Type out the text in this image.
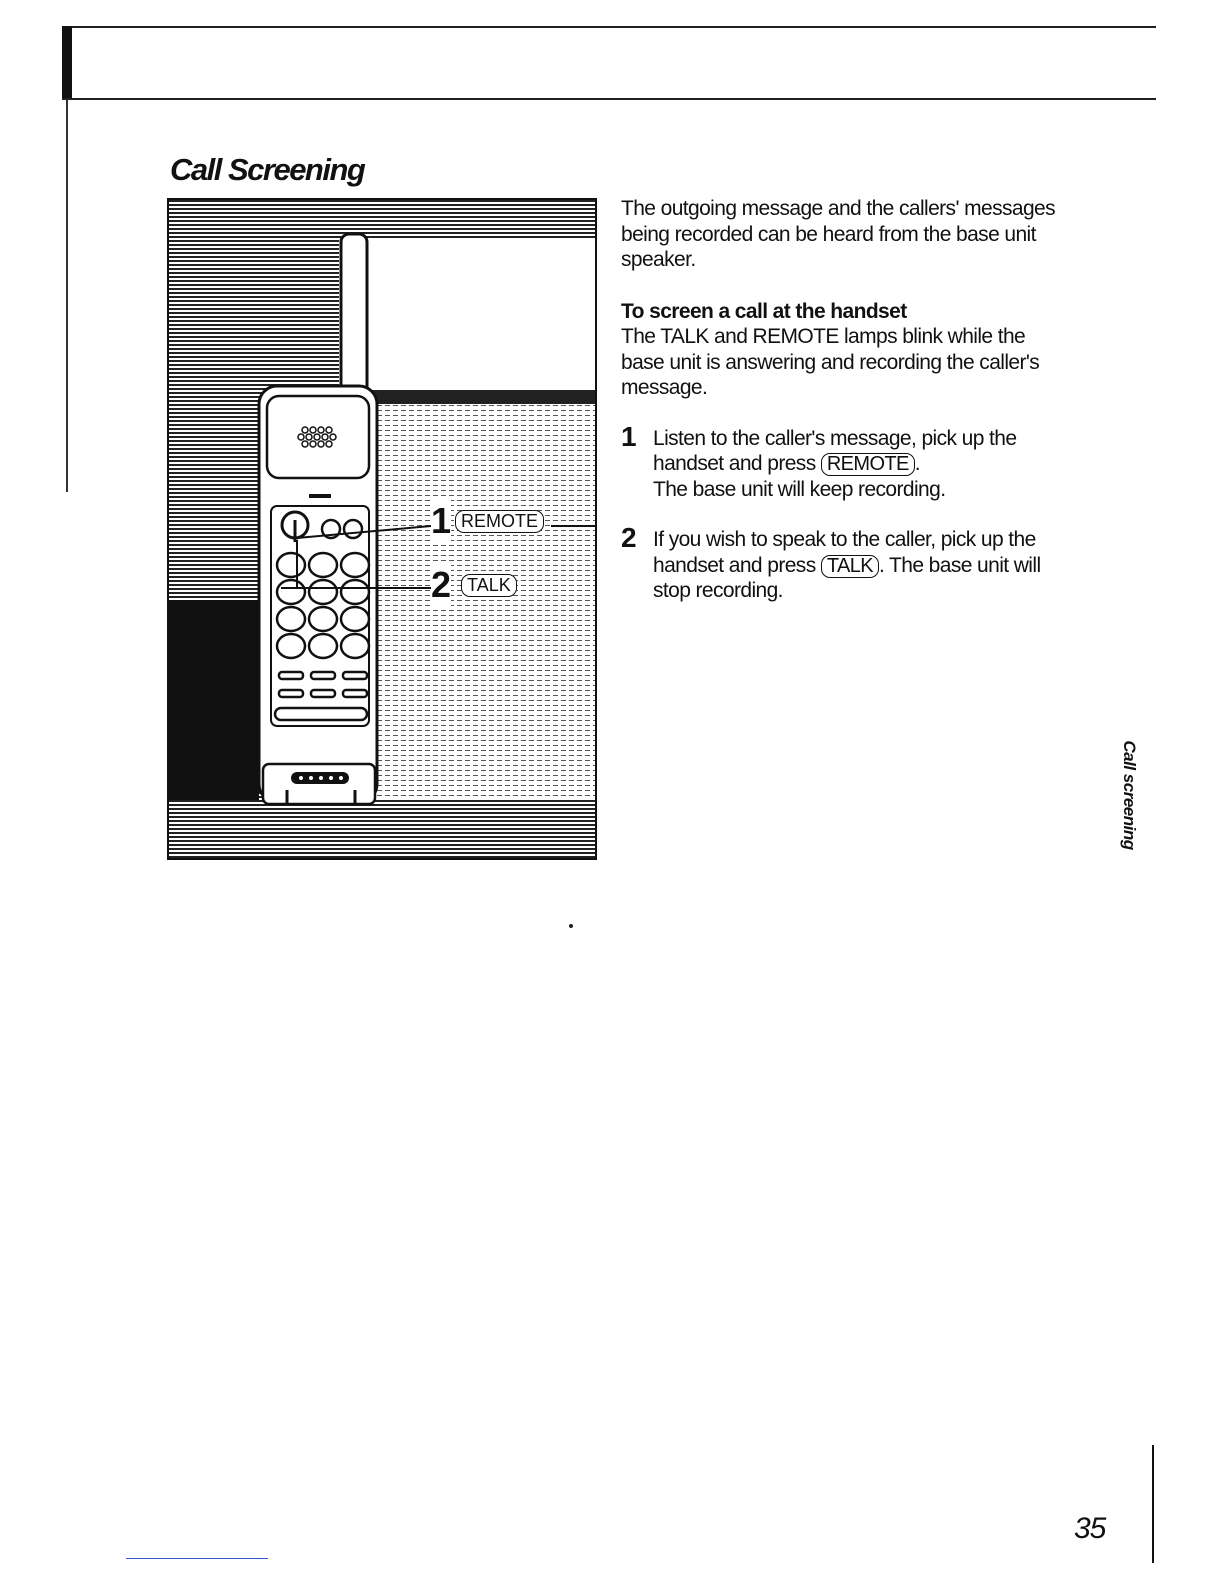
Call Screening
1 REMOTE
2 TALK

The outgoing message and the callers' messages being recorded can be heard from the base unit speaker.

To screen a call at the handset

The TALK and REMOTE lamps blink while the base unit is answering and recording the caller's message.

1 Listen to the caller's message, pick up the handset and press REMOTE .
The base unit will keep recording.
2 If you wish to speak to the caller, pick up the handset and press TALK . The base unit will stop recording.
Call screening
35
